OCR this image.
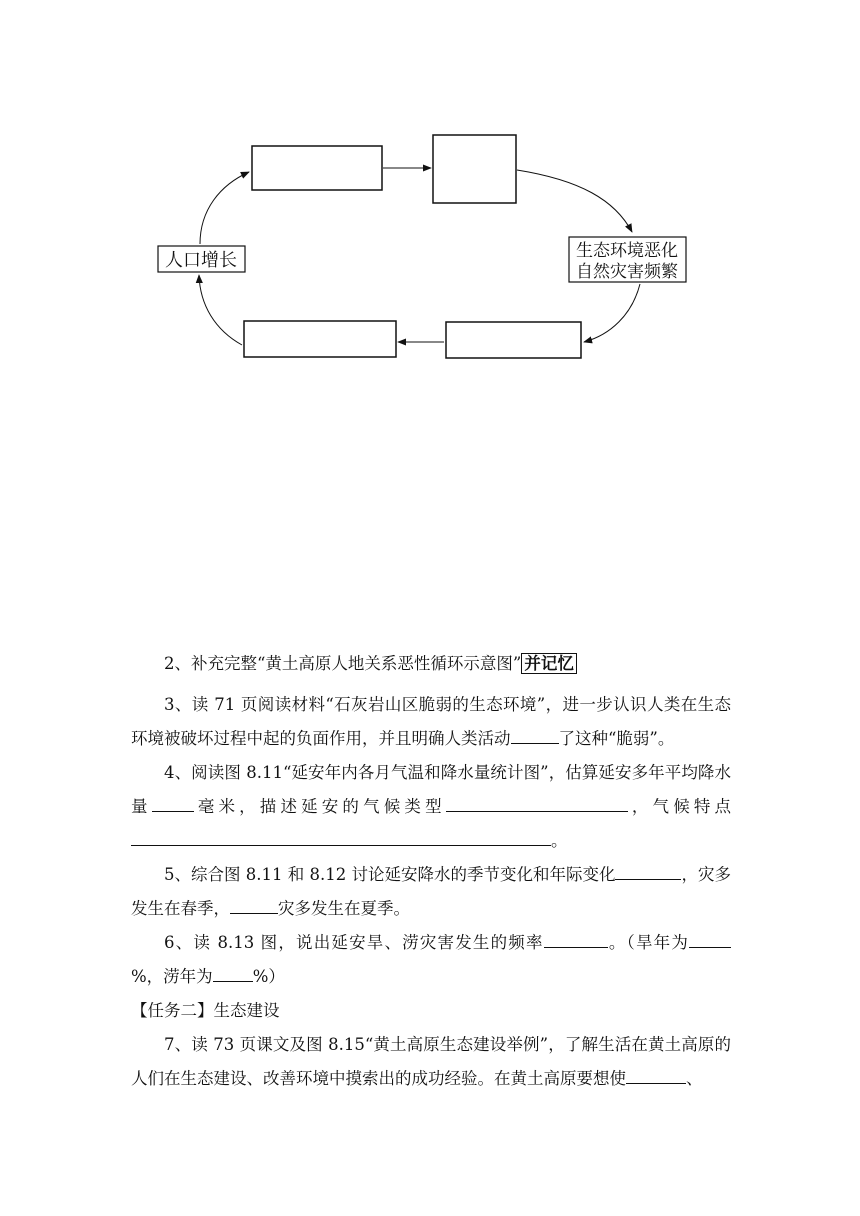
人口增长	生态环境恶化
自然灾害频繁
2、补充完整“黄土高原人地关系恶性循环示意图” 并记忆
3、读 71 页阅读材料“石灰岩山区脆弱的生态环境”，进一步认识人类在生态环境被破坏过程中起的负面作用，并且明确人类活动	了这种“脆弱”。
4、阅读图 8.11“延安年内各月气温和降水量统计图”，估算延安多年平均降水量	毫米，描述延安的气候类型	，气候特点 。
5、综合图 8.11 和 8.12 讨论延安降水的季节变化和年际变化	，灾多发生在春季，	灾多发生在夏季。
6、读 8.13 图，说出延安旱、涝灾害发生的频率	。（旱年为%，涝年为 %）
【任务二】生态建设
7、读 73 页课文及图 8.15“黄土高原生态建设举例”，了解生活在黄土高原的人们在生态建设、改善环境中摸索出的成功经验。在黄土高原要想使	、
